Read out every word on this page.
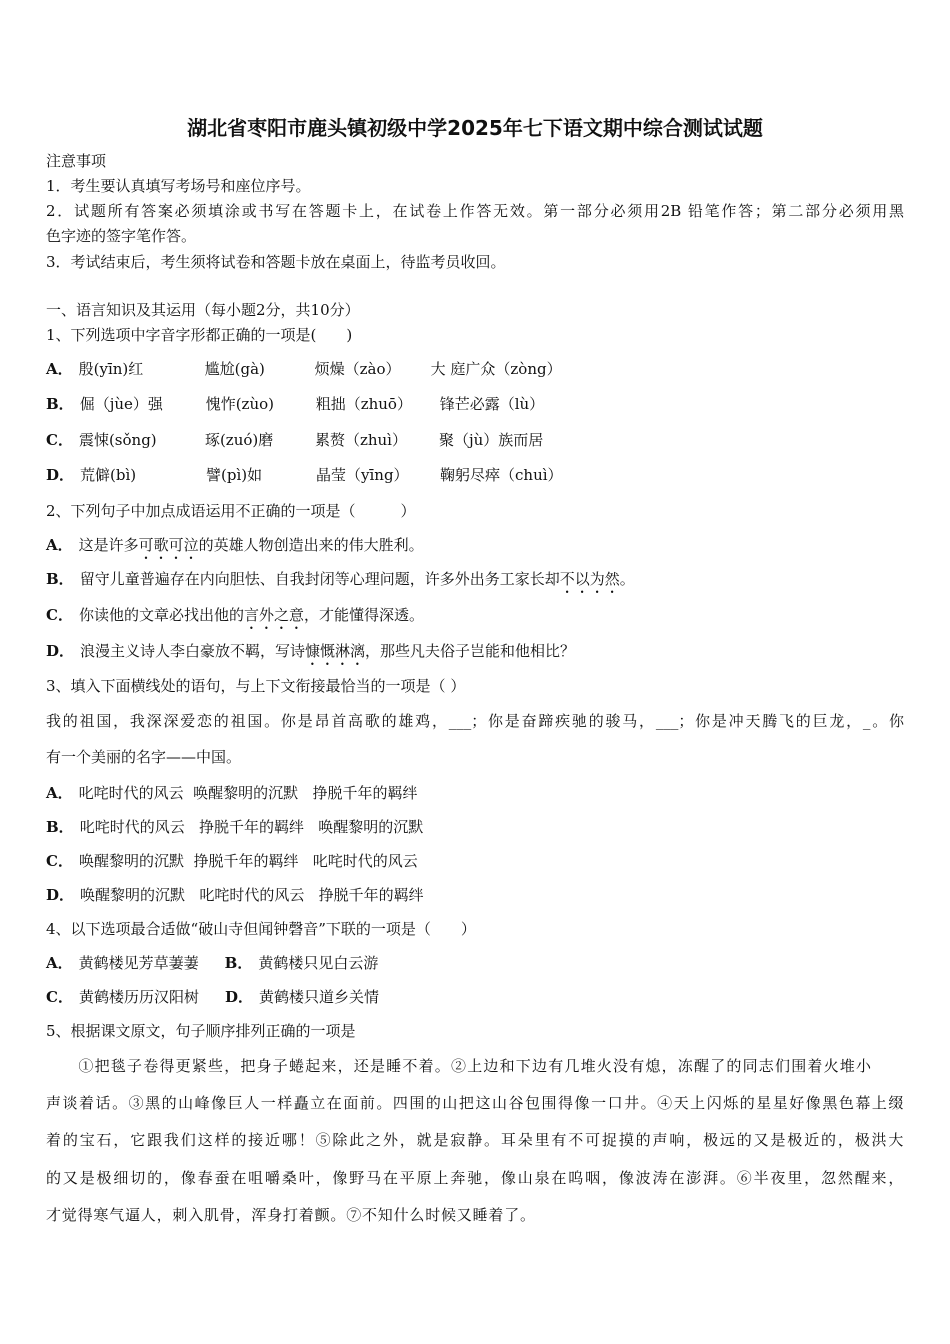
湖北省枣阳市鹿头镇初级中学2025年七下语文期中综合测试试题
注意事项
1．考生要认真填写考场号和座位序号。
2．试题所有答案必须填涂或书写在答题卡上，在试卷上作答无效。第一部分必须用2B 铅笔作答；第二部分必须用黑
色字迹的签字笔作答。
3．考试结束后，考生须将试卷和答题卡放在桌面上，待监考员收回。
一、语言知识及其运用（每小题2分，共10分）
1、下列选项中字音字形都正确的一项是(　　)
A． 殷(yīn)红	尴尬(gà)	烦燥（zào） 大 庭广众（zòng）
B． 倔（jùe）强	愧怍(zùo)	粗拙（zhuō） 锋芒必露（lù）
C． 震悚(sǒng)	琢(zuó)磨	累赘（zhuì） 聚（jù）族而居
D． 荒僻(bì)	譬(pì)如	晶莹（yīng） 鞠躬尽瘁（chuì）
2、下列句子中加点成语运用不正确的一项是（　　　）
A． 这是许多可歌可泣的英雄人物创造出来的伟大胜利。
B． 留守儿童普遍存在内向胆怯、自我封闭等心理问题，许多外出务工家长却不以为然。
C． 你读他的文章必找出他的言外之意，才能懂得深透。
D． 浪漫主义诗人李白豪放不羁，写诗慷慨淋漓，那些凡夫俗子岂能和他相比？
3、填入下面横线处的语句，与上下文衔接最恰当的一项是（ ）
我的祖国，我深深爱恋的祖国。你是昂首高歌的雄鸡，___；你是奋蹄疾驰的骏马，___；你是冲天腾飞的巨龙，_。你
有一个美丽的名字——中国。
A． 叱咤时代的风云  唤醒黎明的沉默   挣脱千年的羁绊
B． 叱咤时代的风云   挣脱千年的羁绊   唤醒黎明的沉默
C． 唤醒黎明的沉默  挣脱千年的羁绊   叱咤时代的风云
D． 唤醒黎明的沉默   叱咤时代的风云   挣脱千年的羁绊
4、以下选项最合适做“破山寺但闻钟磬音”下联的一项是（　　）
A． 黄鹤楼见芳草萋萋 B． 黄鹤楼只见白云游
C． 黄鹤楼历历汉阳树 D． 黄鹤楼只道乡关情
5、根据课文原文，句子顺序排列正确的一项是
　　①把毯子卷得更紧些，把身子蜷起来，还是睡不着。②上边和下边有几堆火没有熄，冻醒了的同志们围着火堆小
声谈着话。③黑的山峰像巨人一样矗立在面前。四围的山把这山谷包围得像一口井。④天上闪烁的星星好像黑色幕上缀
着的宝石，它跟我们这样的接近哪！⑤除此之外，就是寂静。耳朵里有不可捉摸的声响，极远的又是极近的，极洪大
的又是极细切的，像春蚕在咀嚼桑叶，像野马在平原上奔驰，像山泉在呜咽，像波涛在澎湃。⑥半夜里，忽然醒来，
才觉得寒气逼人，刺入肌骨，浑身打着颤。⑦不知什么时候又睡着了。
